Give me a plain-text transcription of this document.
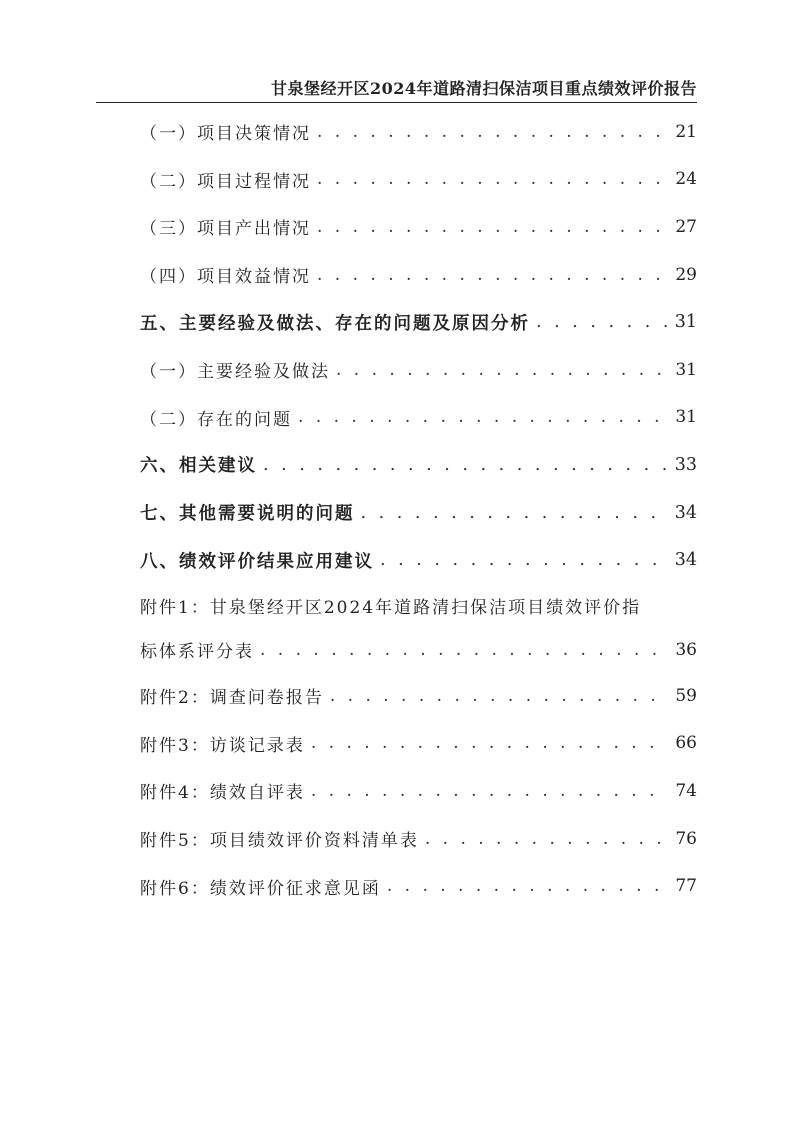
甘泉堡经开区2024年道路清扫保洁项目重点绩效评价报告
（一）项目决策情况 . . .	21
（二）项目过程情况 . . .	24
（三）项目产出情况 . . .	27
（四）项目效益情况 . . .	29
五、主要经验及做法、存在的问题及原因分析 . . .	31
（一）主要经验及做法 . . .	31
（二）存在的问题 . . .	31
六、相关建议 . . .	33
七、其他需要说明的问题 . . .	34
八、绩效评价结果应用建议 . . .	34
附件1：甘泉堡经开区2024年道路清扫保洁项目绩效评价指
标体系评分表 . . .	36
附件2：调查问卷报告 . . .	59
附件3：访谈记录表 . . .	66
附件4：绩效自评表 . . .	74
附件5：项目绩效评价资料清单表 . . .	76
附件6：绩效评价征求意见函 . . .	77
